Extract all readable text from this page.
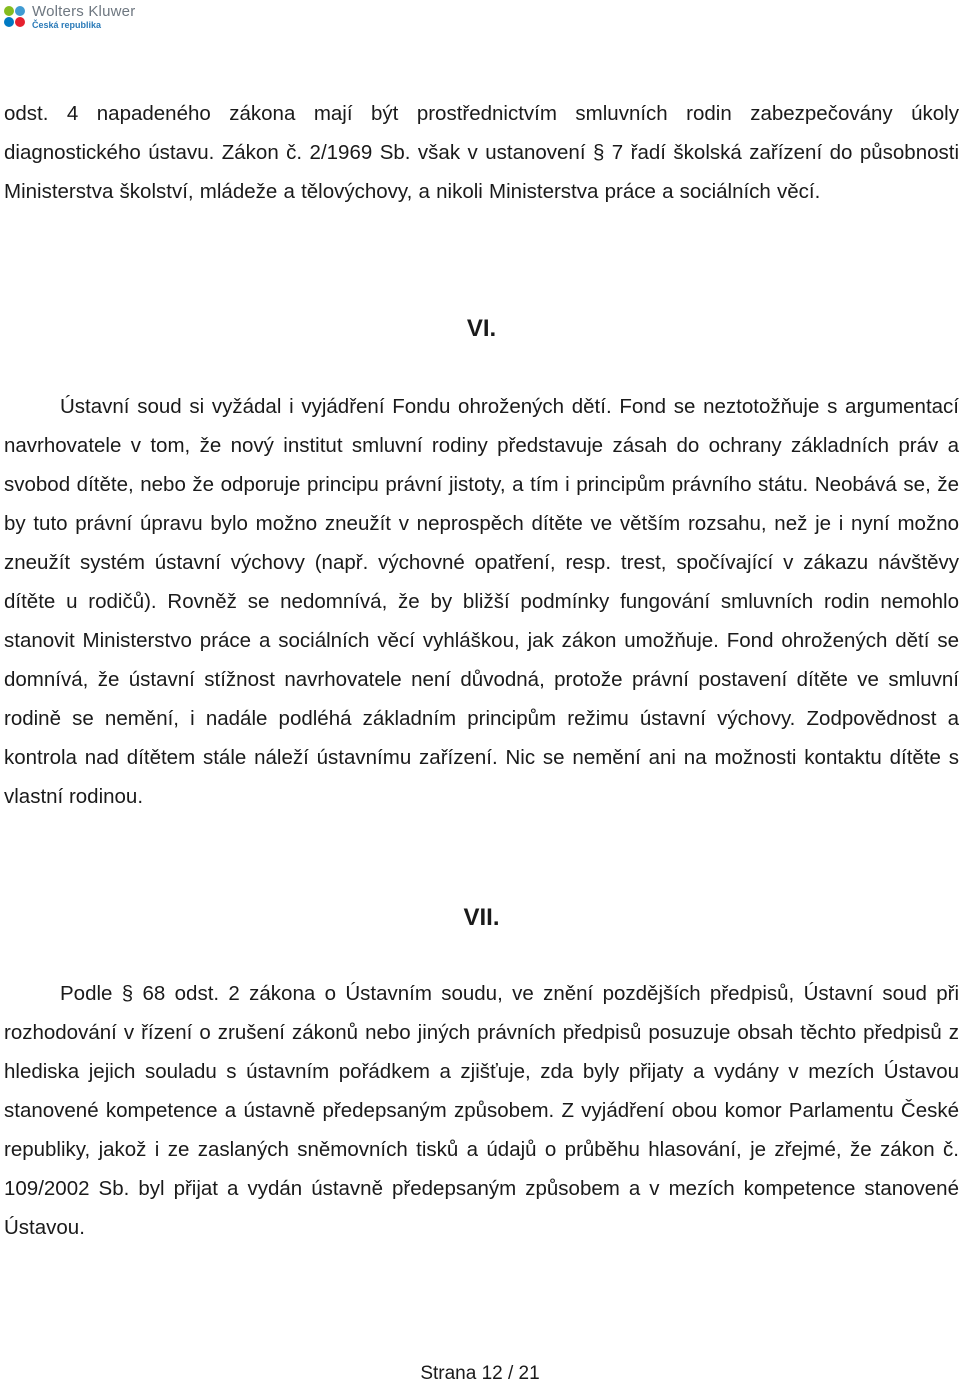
Wolters Kluwer
Česká republika

odst. 4 napadeného zákona mají být prostřednictvím smluvních rodin zabezpečovány úkoly diagnostického ústavu. Zákon č. 2/1969 Sb. však v ustanovení § 7 řadí školská zařízení do působnosti Ministerstva školství, mládeže a tělovýchovy, a nikoli Ministerstva práce a sociálních věcí.

VI.

Ústavní soud si vyžádal i vyjádření Fondu ohrožených dětí. Fond se neztotožňuje s argumentací navrhovatele v tom, že nový institut smluvní rodiny představuje zásah do ochrany základních práv a svobod dítěte, nebo že odporuje principu právní jistoty, a tím i principům právního státu. Neobává se, že by tuto právní úpravu bylo možno zneužít v neprospěch dítěte ve větším rozsahu, než je i nyní možno zneužít systém ústavní výchovy (např. výchovné opatření, resp. trest, spočívající v zákazu návštěvy dítěte u rodičů). Rovněž se nedomnívá, že by bližší podmínky fungování smluvních rodin nemohlo stanovit Ministerstvo práce a sociálních věcí vyhláškou, jak zákon umožňuje. Fond ohrožených dětí se domnívá, že ústavní stížnost navrhovatele není důvodná, protože právní postavení dítěte ve smluvní rodině se nemění, i nadále podléhá základním principům režimu ústavní výchovy. Zodpovědnost a kontrola nad dítětem stále náleží ústavnímu zařízení. Nic se nemění ani na možnosti kontaktu dítěte s vlastní rodinou.

VII.

Podle § 68 odst. 2 zákona o Ústavním soudu, ve znění pozdějších předpisů, Ústavní soud při rozhodování v řízení o zrušení zákonů nebo jiných právních předpisů posuzuje obsah těchto předpisů z hlediska jejich souladu s ústavním pořádkem a zjišťuje, zda byly přijaty a vydány v mezích Ústavou stanovené kompetence a ústavně předepsaným způsobem. Z vyjádření obou komor Parlamentu České republiky, jakož i ze zaslaných sněmovních tisků a údajů o průběhu hlasování, je zřejmé, že zákon č. 109/2002 Sb. byl přijat a vydán ústavně předepsaným způsobem a v mezích kompetence stanovené Ústavou.

Strana 12 / 21
